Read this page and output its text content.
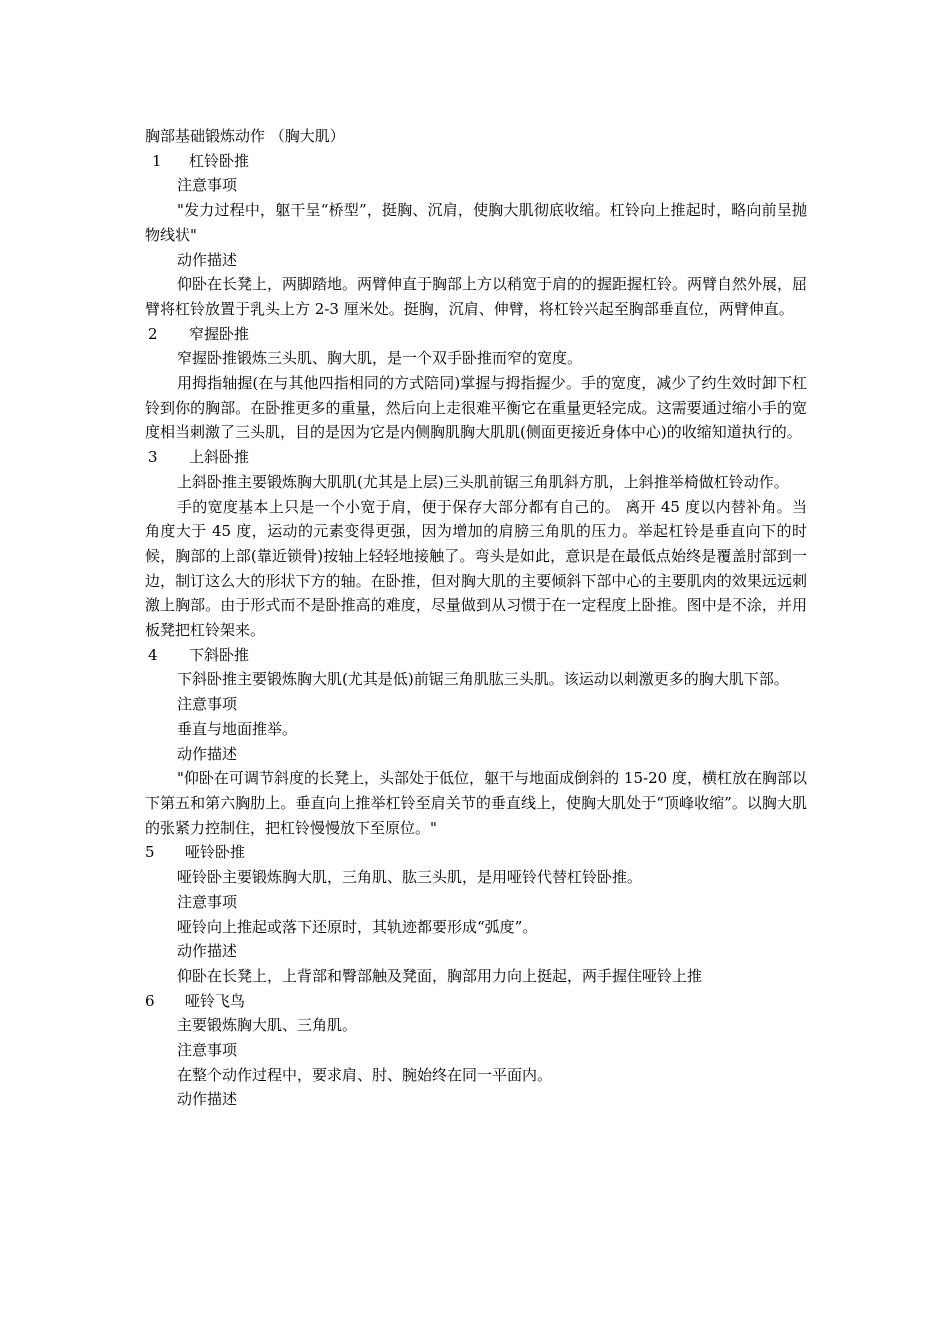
胸部基础锻炼动作 （胸大肌）

1 杠铃卧推

注意事项

"发力过程中，躯干呈“桥型”，挺胸、沉肩，使胸大肌彻底收缩。杠铃向上推起时，略向前呈抛物线状"

动作描述

仰卧在长凳上，两脚踏地。两臂伸直于胸部上方以稍宽于肩的的握距握杠铃。两臂自然外展，屈臂将杠铃放置于乳头上方 2-3 厘米处。挺胸，沉肩、伸臂，将杠铃兴起至胸部垂直位，两臂伸直。

2 窄握卧推

窄握卧推锻炼三头肌、胸大肌，是一个双手卧推而窄的宽度。

用拇指轴握(在与其他四指相同的方式陪同)掌握与拇指握少。手的宽度，减少了约生效时卸下杠铃到你的胸部。在卧推更多的重量，然后向上走很难平衡它在重量更轻完成。这需要通过缩小手的宽度相当刺激了三头肌，目的是因为它是内侧胸肌胸大肌肌(侧面更接近身体中心)的收缩知道执行的。

3 上斜卧推

上斜卧推主要锻炼胸大肌肌(尤其是上层)三头肌前锯三角肌斜方肌，上斜推举椅做杠铃动作。

手的宽度基本上只是一个小宽于肩，便于保存大部分都有自己的。 离开 45 度以内替补角。当角度大于 45 度，运动的元素变得更强，因为增加的肩膀三角肌的压力。举起杠铃是垂直向下的时候，胸部的上部(靠近锁骨)按轴上轻轻地接触了。弯头是如此，意识是在最低点始终是覆盖肘部到一边，制订这么大的形状下方的轴。在卧推，但对胸大肌的主要倾斜下部中心的主要肌肉的效果远远刺激上胸部。由于形式而不是卧推高的难度，尽量做到从习惯于在一定程度上卧推。图中是不涂，并用板凳把杠铃架来。

4 下斜卧推

下斜卧推主要锻炼胸大肌(尤其是低)前锯三角肌肱三头肌。该运动以刺激更多的胸大肌下部。

注意事项

垂直与地面推举。

动作描述

"仰卧在可调节斜度的长凳上，头部处于低位，躯干与地面成倒斜的 15-20 度，横杠放在胸部以下第五和第六胸肋上。垂直向上推举杠铃至肩关节的垂直线上，使胸大肌处于“顶峰收缩”。以胸大肌的张紧力控制住，把杠铃慢慢放下至原位。"

5 哑铃卧推

哑铃卧主要锻炼胸大肌，三角肌、肱三头肌，是用哑铃代替杠铃卧推。

注意事项

哑铃向上推起或落下还原时，其轨迹都要形成“弧度”。

动作描述

仰卧在长凳上，上背部和臀部触及凳面，胸部用力向上挺起，两手握住哑铃上推

6 哑铃飞鸟

主要锻炼胸大肌、三角肌。

注意事项

在整个动作过程中，要求肩、肘、腕始终在同一平面内。

动作描述
